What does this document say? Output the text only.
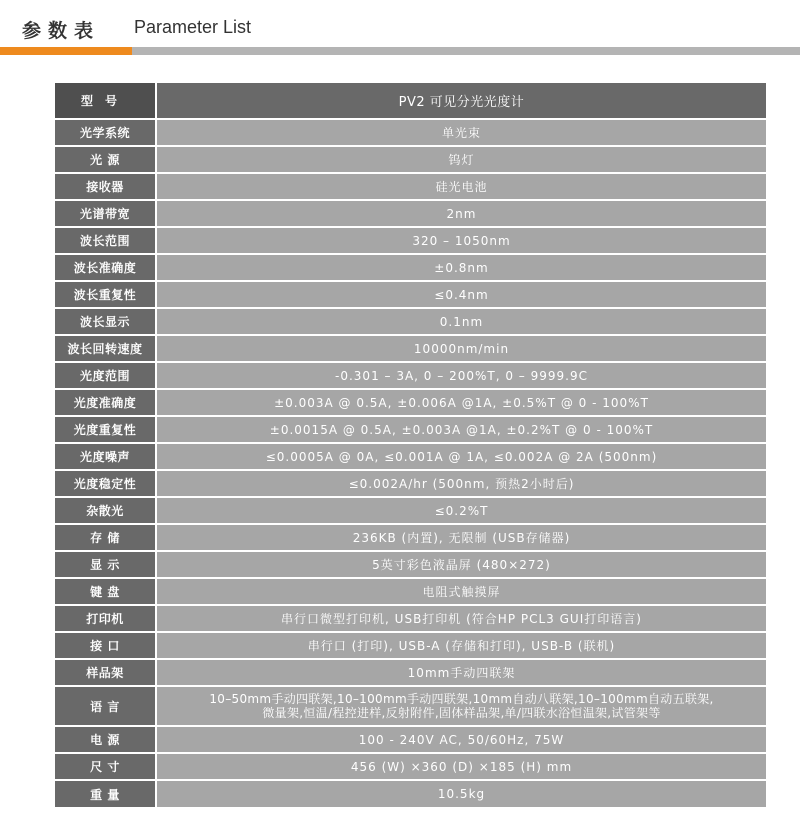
参数表 Parameter List
型号	PV2 可见分光光度计
光学系统	单光束
光 源	钨灯
接收器	硅光电池
光谱带宽	2nm
波长范围	320 – 1050nm
波长准确度	±0.8nm
波长重复性	≤0.4nm
波长显示	0.1nm
波长回转速度	10000nm/min
光度范围	-0.301 – 3A, 0 – 200%T, 0 – 9999.9C
光度准确度	±0.003A @ 0.5A, ±0.006A @1A, ±0.5%T @ 0 - 100%T
光度重复性	±0.0015A @ 0.5A, ±0.003A @1A, ±0.2%T @ 0 - 100%T
光度噪声	≤0.0005A @ 0A, ≤0.001A @ 1A, ≤0.002A @ 2A (500nm)
光度稳定性	≤0.002A/hr (500nm, 预热2小时后)
杂散光	≤0.2%T
存 储	236KB (内置), 无限制 (USB存储器)
显 示	5英寸彩色液晶屏 (480×272)
键 盘	电阻式触摸屏
打印机	串行口微型打印机, USB打印机 (符合HP PCL3 GUI打印语言)
接 口	串行口 (打印), USB-A (存储和打印), USB-B (联机)
样品架	10mm手动四联架
语 言	10–50mm手动四联架,10–100mm手动四联架,10mm自动八联架,10–100mm自动五联架,
微量架,恒温/程控进样,反射附件,固体样品架,单/四联水浴恒温架,试管架等

电 源	100 - 240V AC, 50/60Hz, 75W
尺 寸	456 (W) ×360 (D) ×185 (H) mm
重 量	10.5kg
